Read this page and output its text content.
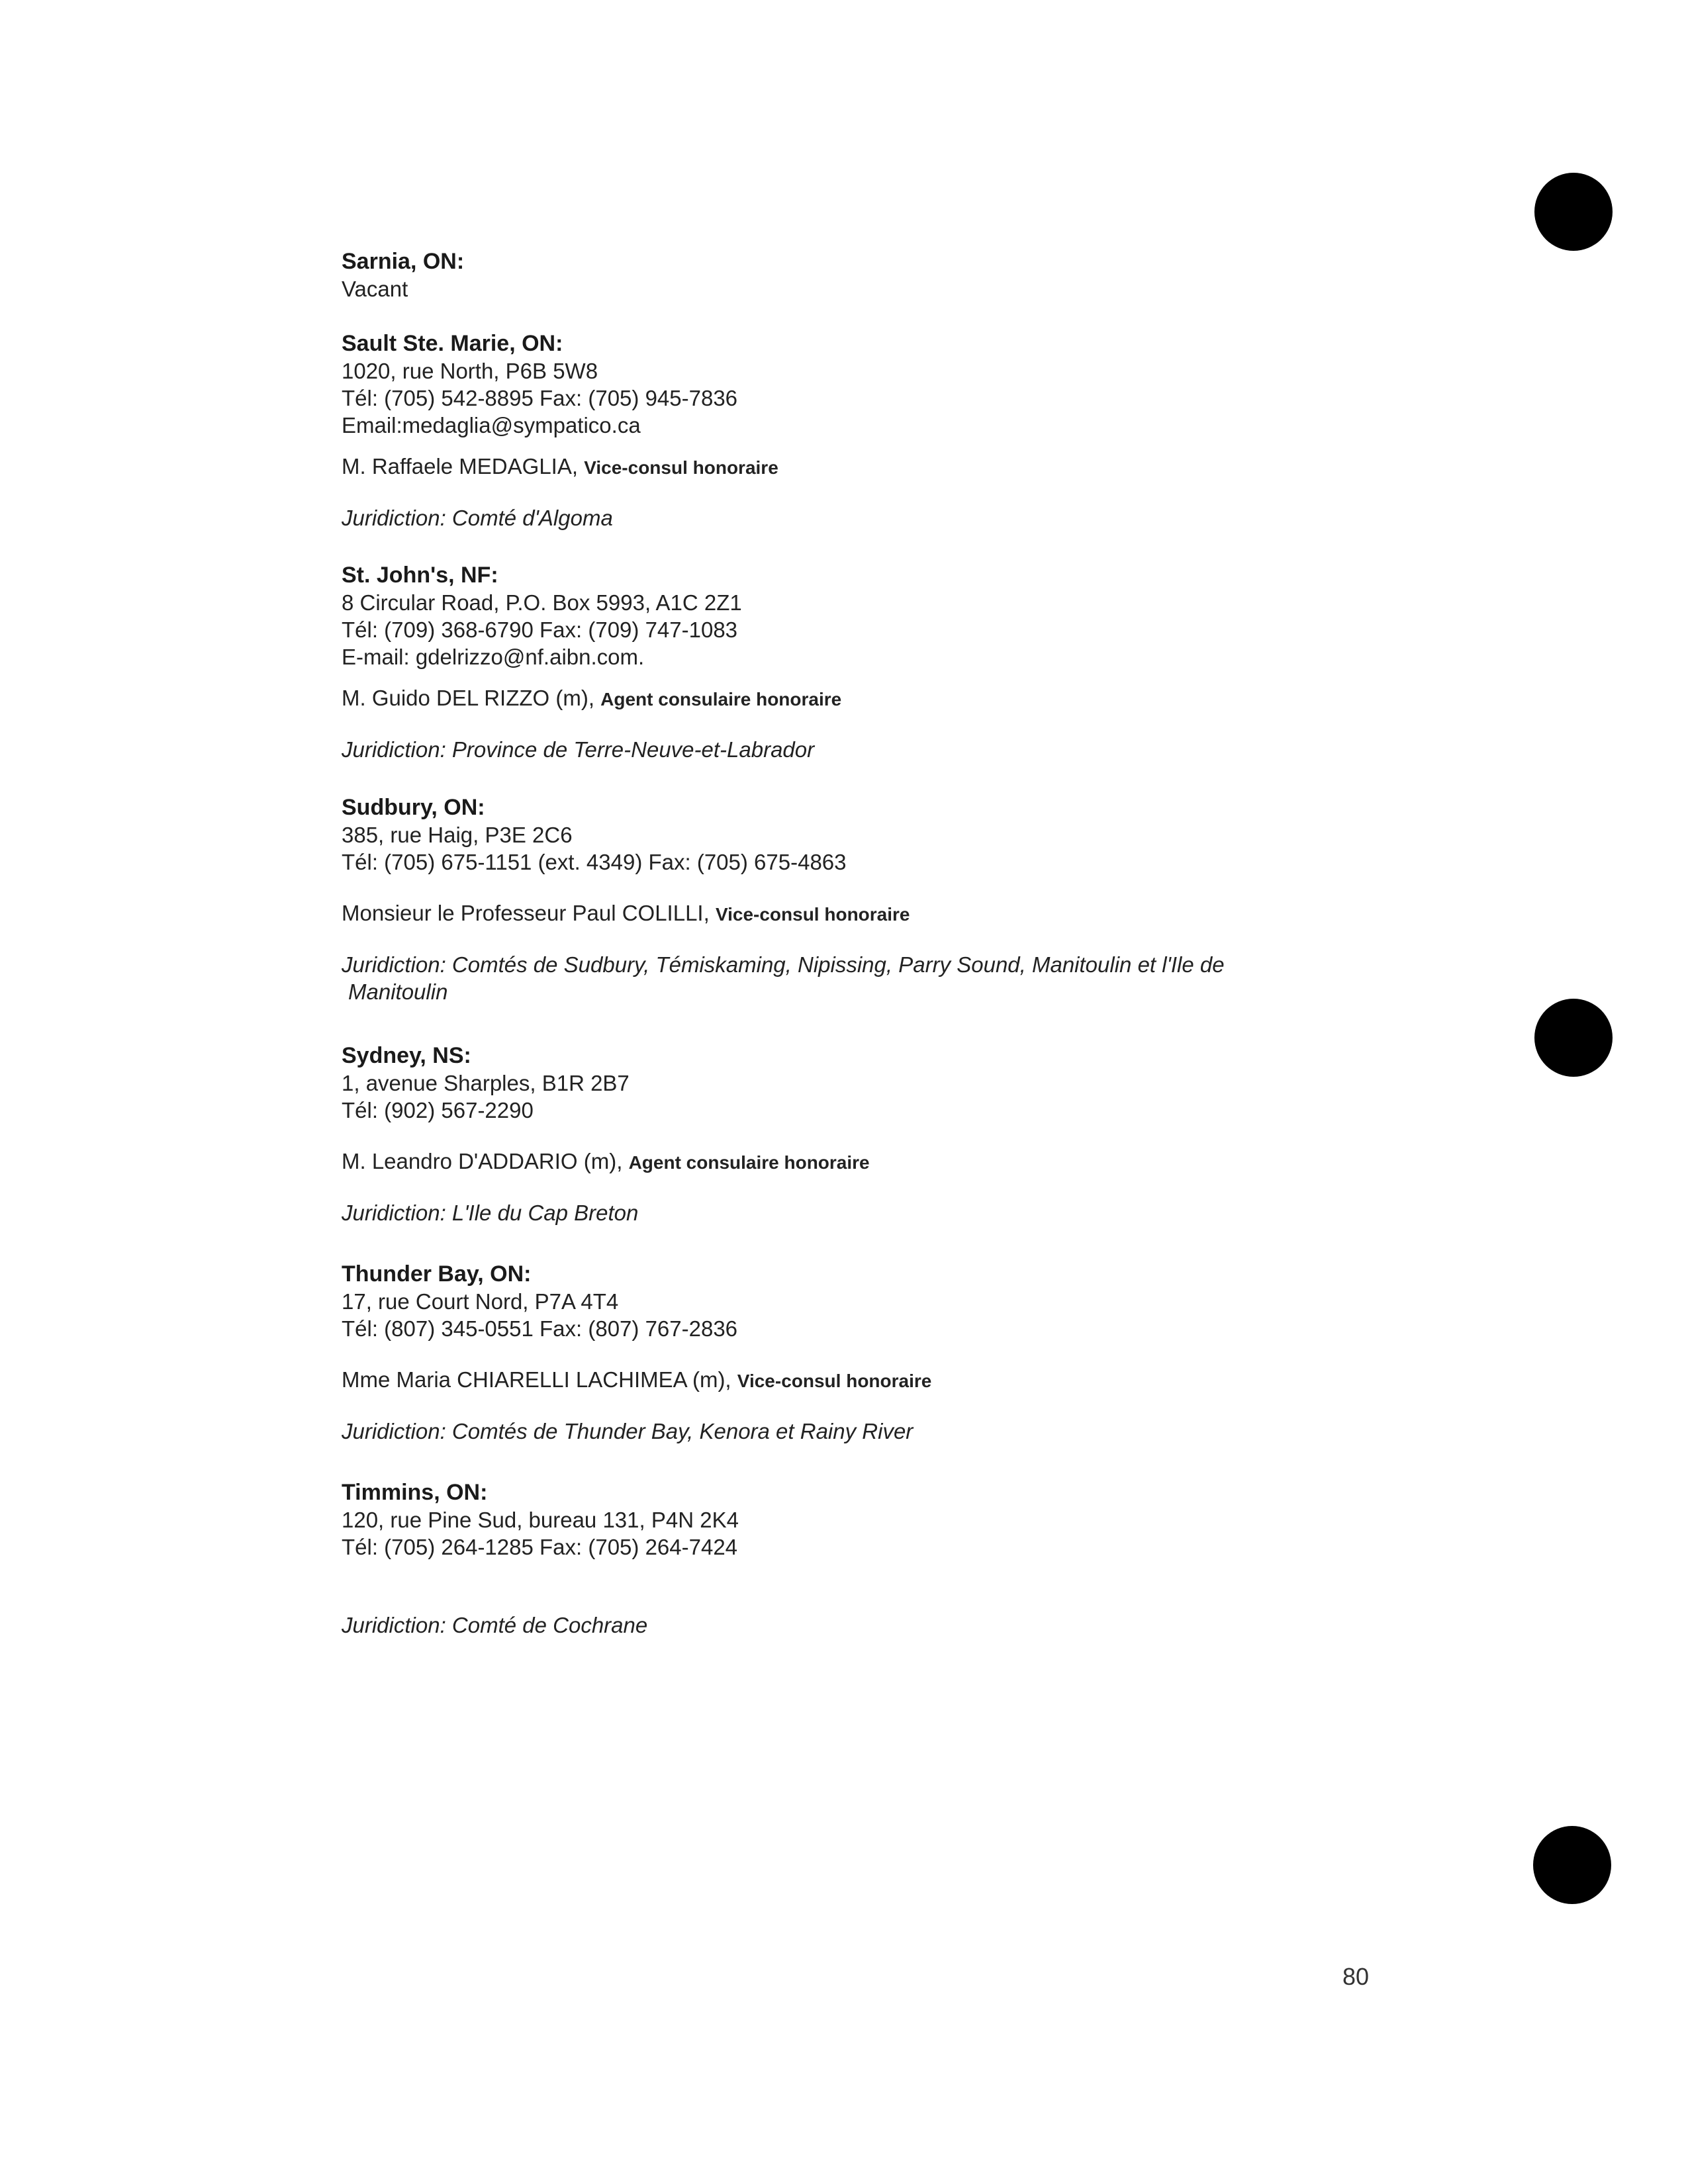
Sarnia, ON:
Vacant
Sault Ste. Marie, ON:
1020, rue North, P6B 5W8
Tél: (705) 542-8895 Fax: (705) 945-7836
Email:medaglia@sympatico.ca
M. Raffaele MEDAGLIA, Vice-consul honoraire
Juridiction: Comté d'Algoma
St. John's, NF:
8 Circular Road, P.O. Box 5993, A1C 2Z1
Tél: (709) 368-6790 Fax: (709) 747-1083
E-mail: gdelrizzo@nf.aibn.com.
M. Guido DEL RIZZO (m), Agent consulaire honoraire
Juridiction: Province de Terre-Neuve-et-Labrador
Sudbury, ON:
385, rue Haig, P3E 2C6
Tél: (705) 675-1151 (ext. 4349) Fax: (705) 675-4863
Monsieur le Professeur Paul COLILLI, Vice-consul honoraire
Juridiction: Comtés de Sudbury, Témiskaming, Nipissing, Parry Sound, Manitoulin et l'Ile de
Manitoulin
Sydney, NS:
1, avenue Sharples, B1R 2B7
Tél: (902) 567-2290
M. Leandro D'ADDARIO (m), Agent consulaire honoraire
Juridiction: L'Ile du Cap Breton
Thunder Bay, ON:
17, rue Court Nord, P7A 4T4
Tél: (807) 345-0551 Fax: (807) 767-2836
Mme Maria CHIARELLI LACHIMEA (m), Vice-consul honoraire
Juridiction: Comtés de Thunder Bay, Kenora et Rainy River
Timmins, ON:
120, rue Pine Sud, bureau 131, P4N 2K4
Tél: (705) 264-1285 Fax: (705) 264-7424
Juridiction: Comté de Cochrane
80
